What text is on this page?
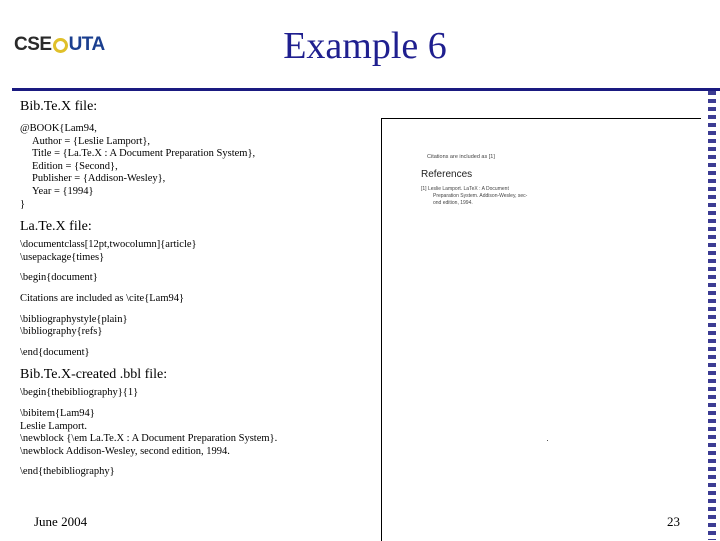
CSE UTA	Example 6
Bib.Te.X file:
@BOOK{Lam94,
Author = {Leslie Lamport},
Title = {La.Te.X : A Document Preparation System},
Edition = {Second},
Publisher = {Addison-Wesley},
Year = {1994}
}
La.Te.X file:
\documentclass[12pt,twocolumn]{article}
\usepackage{times}
\begin{document}
Citations are included as \cite{Lam94}
\bibliographystyle{plain}
\bibliography{refs}
\end{document}
Bib.Te.X-created .bbl file:
\begin{thebibliography}{1}
\bibitem{Lam94}
Leslie Lamport.
\newblock {\em La.Te.X : A Document Preparation System}.
\newblock Addison-Wesley, second edition, 1994.
\end{thebibliography}
Citations are included as [1]
References
[1] Leslie Lamport. LaTeX : A Document
Preparation System. Addison-Wesley, sec-
ond edition, 1994.
June 2004	23
